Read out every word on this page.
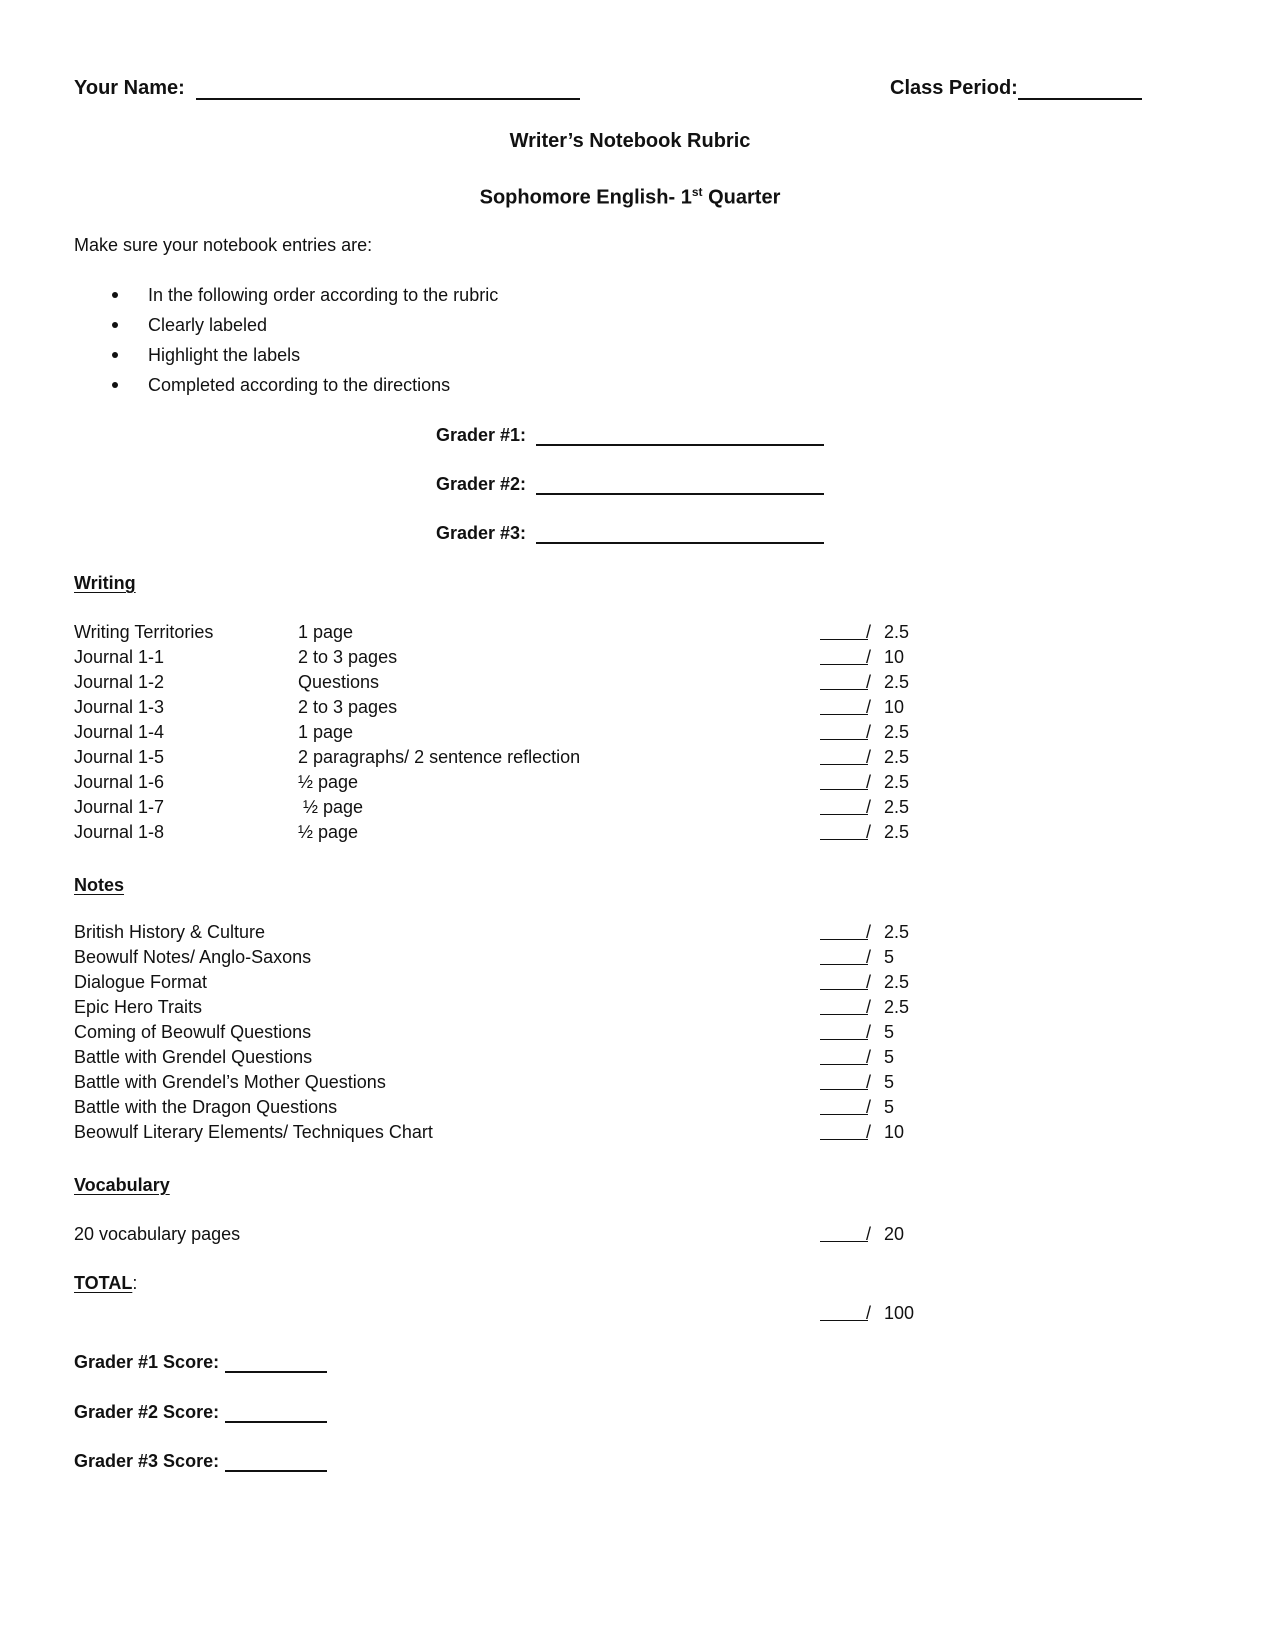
Your Name:	Class Period:
Writer’s Notebook Rubric
Sophomore English- 1st Quarter
Make sure your notebook entries are:
In the following order according to the rubric
Clearly labeled
Highlight the labels
Completed according to the directions
Grader #1:
Grader #2:
Grader #3:
Writing
Writing Territories	1 page	/ 2.5
Journal 1-1	2 to 3 pages	/ 10
Journal 1-2	Questions	/ 2.5
Journal 1-3	2 to 3 pages	/ 10
Journal 1-4	1 page	/ 2.5
Journal 1-5	2 paragraphs/ 2 sentence reflection	/ 2.5
Journal 1-6	½ page	/ 2.5
Journal 1-7	½ page	/ 2.5
Journal 1-8	½ page	/ 2.5
Notes
British History & Culture	/ 2.5
Beowulf Notes/ Anglo-Saxons	/ 5
Dialogue Format	/ 2.5
Epic Hero Traits	/ 2.5
Coming of Beowulf Questions	/ 5
Battle with Grendel Questions	/ 5
Battle with Grendel’s Mother Questions	/ 5
Battle with the Dragon Questions	/ 5
Beowulf Literary Elements/ Techniques Chart	/ 10
Vocabulary
20 vocabulary pages	/ 20
TOTAL:
/ 100
Grader #1 Score:
Grader #2 Score:
Grader #3 Score:
